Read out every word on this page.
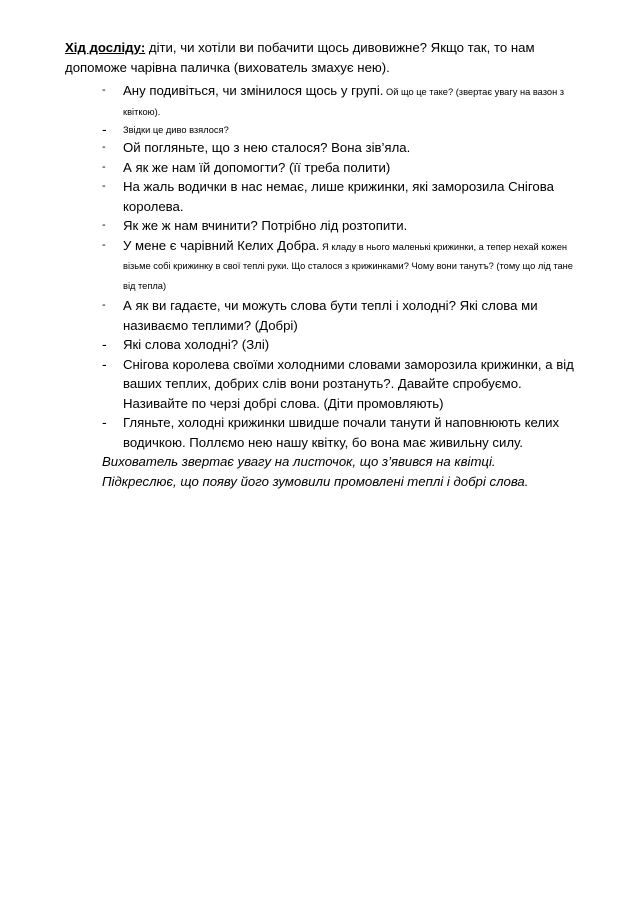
Хід досліду: діти, чи хотіли ви побачити щось дивовижне? Якщо так, то нам допоможе чарівна паличка (вихователь змахує нею).

- Ану подивіться, чи змінилося щось у групі. Ой що це таке? (звертає увагу на вазон з квіткою).
- Звідки це диво взялося?
- Ой погляньте, що з нею сталося? Вона зів’яла.
- А як же нам їй допомогти? (її треба полити)
- На жаль водички в нас немає, лише крижинки, які заморозила Снігова королева.
- Як же ж нам вчинити? Потрібно лід розтопити.
- У мене є чарівний Келих Добра. Я кладу в нього маленькі крижинки, а тепер нехай кожен візьме собі крижинку в свої теплі руки. Що сталося з крижинками? Чому вони танутъ? (тому що лід тане від тепла)
- А як ви гадаєте, чи можуть слова бути теплі і холодні? Які слова ми називаємо теплими? (Добрі)
- Які слова холодні? (Злі)
- Снігова королева своїми холодними словами заморозила крижинки, а від ваших теплих, добрих слів вони розтануть?. Давайте спробуємо. Називайте по черзі добрі слова. (Діти промовляють)
- Гляньте, холодні крижинки швидше почали танути й наповнюють келих водичкою. Поллємо нею нашу квітку, бо вона має живильну силу.

Вихователь звертає увагу на листочок, що з’явився на квітці.

Підкреслює, що появу його зумовили промовлені теплі і добрі слова.
